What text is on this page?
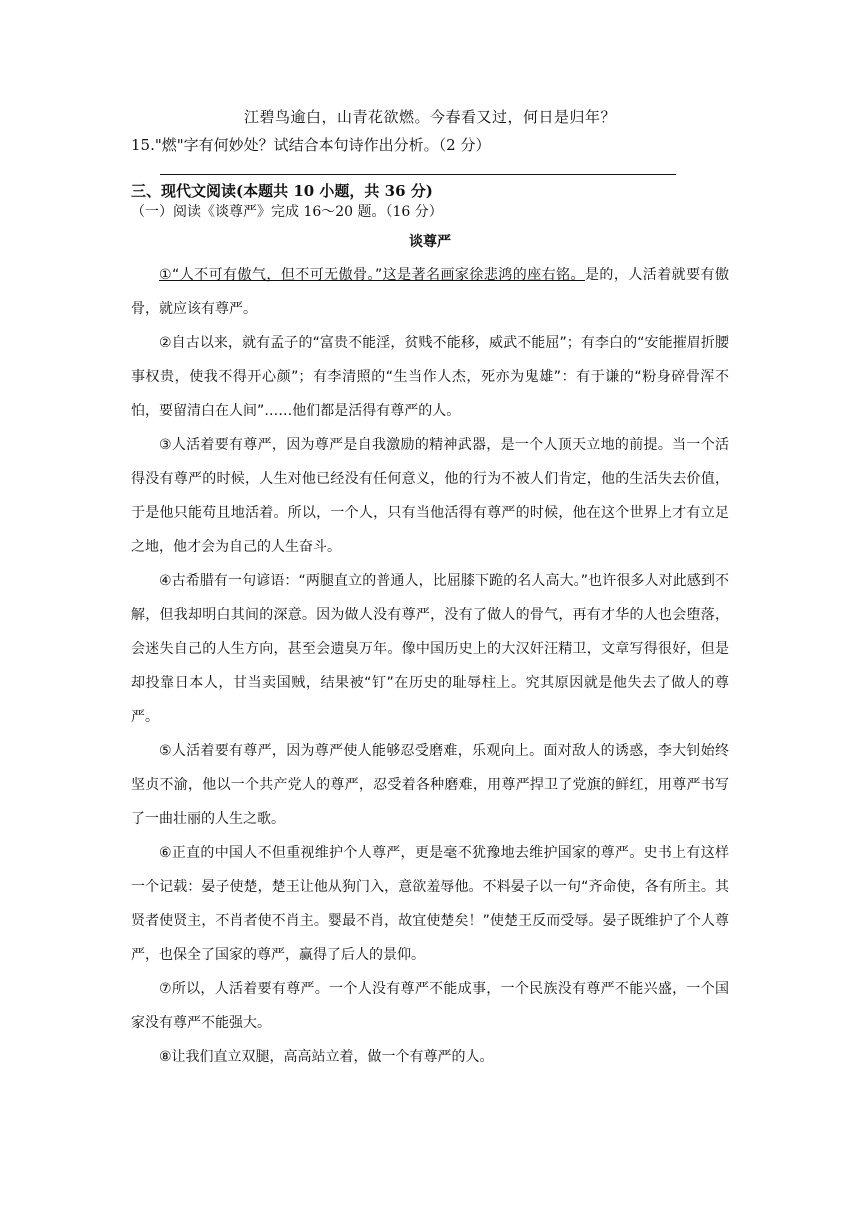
江碧鸟逾白，山青花欲燃。今春看又过，何日是归年？
15."燃"字有何妙处？试结合本句诗作出分析。（2 分）
三、现代文阅读(本题共 10 小题，共 36 分)
（一）阅读《谈尊严》完成 16～20 题。（16 分）
谈尊严

①“人不可有傲气，但不可无傲骨。”这是著名画家徐悲鸿的座右铭。是的，人活着就要有傲骨，就应该有尊严。

②自古以来，就有孟子的“富贵不能淫，贫贱不能移，威武不能屈”；有李白的“安能摧眉折腰事权贵，使我不得开心颜”；有李清照的“生当作人杰，死亦为鬼雄”：有于谦的“粉身碎骨浑不怕，要留清白在人间”……他们都是活得有尊严的人。

③人活着要有尊严，因为尊严是自我激励的精神武器，是一个人顶天立地的前提。当一个活得没有尊严的时候，人生对他已经没有任何意义，他的行为不被人们肯定，他的生活失去价值，于是他只能苟且地活着。所以，一个人，只有当他活得有尊严的时候，他在这个世界上才有立足之地，他才会为自己的人生奋斗。

④古希腊有一句谚语：“两腿直立的普通人，比屈膝下跪的名人高大。”也许很多人对此感到不解，但我却明白其间的深意。因为做人没有尊严，没有了做人的骨气，再有才华的人也会堕落，会迷失自己的人生方向，甚至会遗臭万年。像中国历史上的大汉奸汪精卫，文章写得很好，但是却投靠日本人，甘当卖国贼，结果被“钉”在历史的耻辱柱上。究其原因就是他失去了做人的尊严。

⑤人活着要有尊严，因为尊严使人能够忍受磨难，乐观向上。面对敌人的诱惑，李大钊始终坚贞不渝，他以一个共产党人的尊严，忍受着各种磨难，用尊严捍卫了党旗的鲜红，用尊严书写了一曲壮丽的人生之歌。

⑥正直的中国人不但重视维护个人尊严，更是毫不犹豫地去维护国家的尊严。史书上有这样一个记载：晏子使楚，楚王让他从狗门入，意欲羞辱他。不料晏子以一句“齐命使，各有所主。其贤者使贤主，不肖者使不肖主。婴最不肖，故宜使楚矣！”使楚王反而受辱。晏子既维护了个人尊严，也保全了国家的尊严，赢得了后人的景仰。

⑦所以，人活着要有尊严。一个人没有尊严不能成事，一个民族没有尊严不能兴盛，一个国家没有尊严不能强大。

⑧让我们直立双腿，高高站立着，做一个有尊严的人。
